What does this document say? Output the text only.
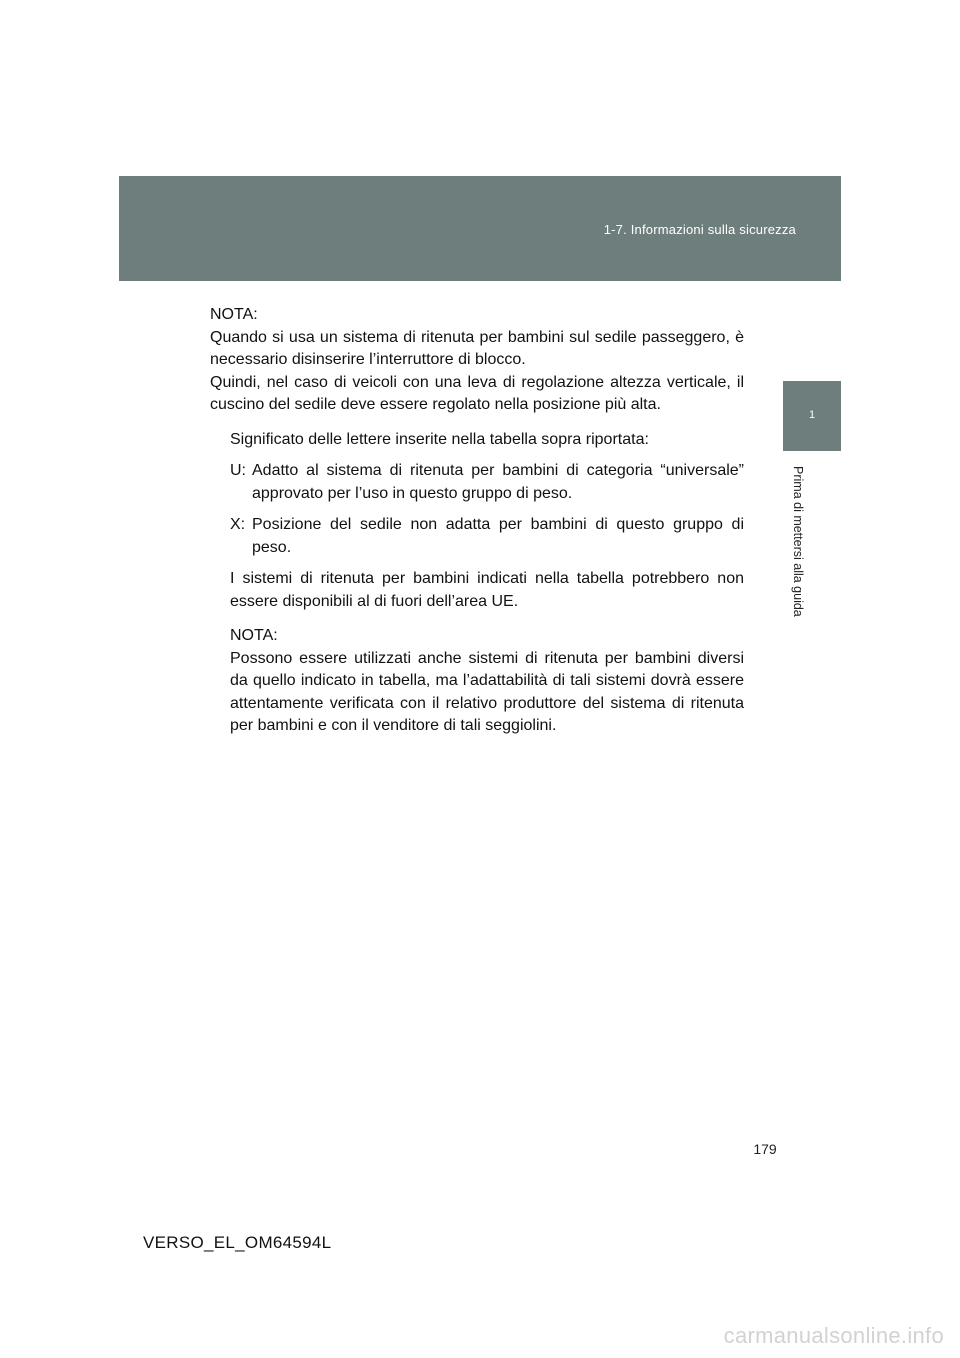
1-7. Informazioni sulla sicurezza
1
Prima di mettersi alla guida

NOTA:

Quando si usa un sistema di ritenuta per bambini sul sedile passeggero, è necessario disinserire l’interruttore di blocco.

Quindi, nel caso di veicoli con una leva di regolazione altezza verticale, il cuscino del sedile deve essere regolato nella posizione più alta.

Significato delle lettere inserite nella tabella sopra riportata:

U: Adatto al sistema di ritenuta per bambini di categoria “universale” approvato per l’uso in questo gruppo di peso.
X: Posizione del sedile non adatta per bambini di questo gruppo di peso.

I sistemi di ritenuta per bambini indicati nella tabella potrebbero non essere disponibili al di fuori dell’area UE.

NOTA:

Possono essere utilizzati anche sistemi di ritenuta per bambini diversi da quello indicato in tabella, ma l’adattabilità di tali sistemi dovrà essere attentamente verificata con il relativo produttore del sistema di ritenuta per bambini e con il venditore di tali seggiolini.

179
VERSO_EL_OM64594L
carmanualsonline.info
